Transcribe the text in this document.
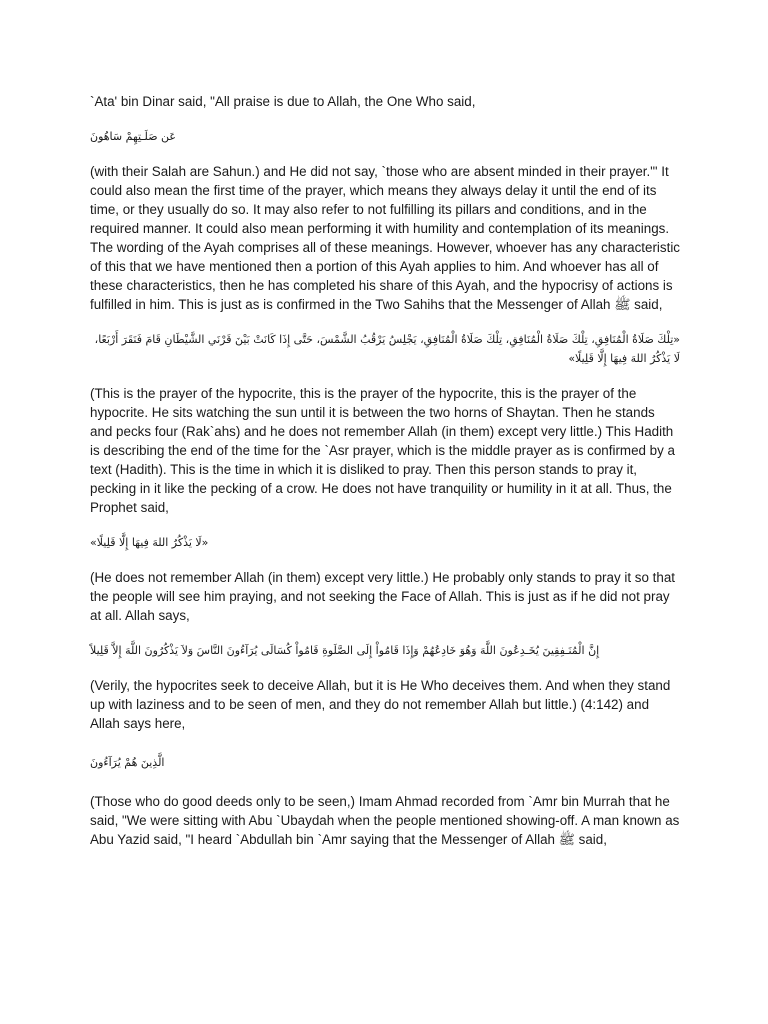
`Ata' bin Dinar said, "All praise is due to Allah, the One Who said,

عَن صَلَـتِهِمْ سَاهُونَ

(with their Salah are Sahun.) and He did not say, `those who are absent minded in their prayer."' It could also mean the first time of the prayer, which means they always delay it until the end of its time, or they usually do so. It may also refer to not fulfilling its pillars and conditions, and in the required manner. It could also mean performing it with humility and contemplation of its meanings. The wording of the Ayah comprises all of these meanings. However, whoever has any characteristic of this that we have mentioned then a portion of this Ayah applies to him. And whoever has all of these characteristics, then he has completed his share of this Ayah, and the hypocrisy of actions is fulfilled in him. This is just as is confirmed in the Two Sahihs that the Messenger of Allah ﷺ said,

«تِلْكَ صَلَاةُ الْمُنَافِقِ، تِلْكَ صَلَاةُ الْمُنَافِقِ، تِلْكَ صَلَاةُ الْمُنَافِقِ، يَجْلِسُ يَرْقُبُ الشَّمْسَ، حَتَّى إِذَا كَانَتْ بَيْنَ قَرْنَي الشَّيْطَانِ قَامَ فَنَقَرَ أَرْبَعًا، لَا يَذْكُرُ اللهَ فِيهَا إِلَّا قَلِيلًا»

(This is the prayer of the hypocrite, this is the prayer of the hypocrite, this is the prayer of the hypocrite. He sits watching the sun until it is between the two horns of Shaytan. Then he stands and pecks four (Rak`ahs) and he does not remember Allah (in them) except very little.) This Hadith is describing the end of the time for the `Asr prayer, which is the middle prayer as is confirmed by a text (Hadith). This is the time in which it is disliked to pray. Then this person stands to pray it, pecking in it like the pecking of a crow. He does not have tranquility or humility in it at all. Thus, the Prophet said,

«لَا يَذْكُرُ اللهَ فِيهَا إِلَّا قَلِيلًا»

(He does not remember Allah (in them) except very little.) He probably only stands to pray it so that the people will see him praying, and not seeking the Face of Allah. This is just as if he did not pray at all. Allah says,

إِنَّ الْمُنَـفِقِينَ يُخَـدِعُونَ اللَّهَ وَهُوَ خَادِعُهُمْ وَإِذَا قَامُواْ إِلَى الصَّلَوةِ قَامُواْ كُسَالَى يُرَآءُونَ النَّاسَ وَلاَ يَذْكُرُونَ اللَّهَ إِلاَّ قَلِيلاً

(Verily, the hypocrites seek to deceive Allah, but it is He Who deceives them. And when they stand up with laziness and to be seen of men, and they do not remember Allah but little.) (4:142) and Allah says here,

الَّذِينَ هُمْ يُرَآءُونَ

(Those who do good deeds only to be seen,) Imam Ahmad recorded from `Amr bin Murrah that he said, "We were sitting with Abu `Ubaydah when the people mentioned showing-off. A man known as Abu Yazid said, "I heard `Abdullah bin `Amr saying that the Messenger of Allah ﷺ said,
